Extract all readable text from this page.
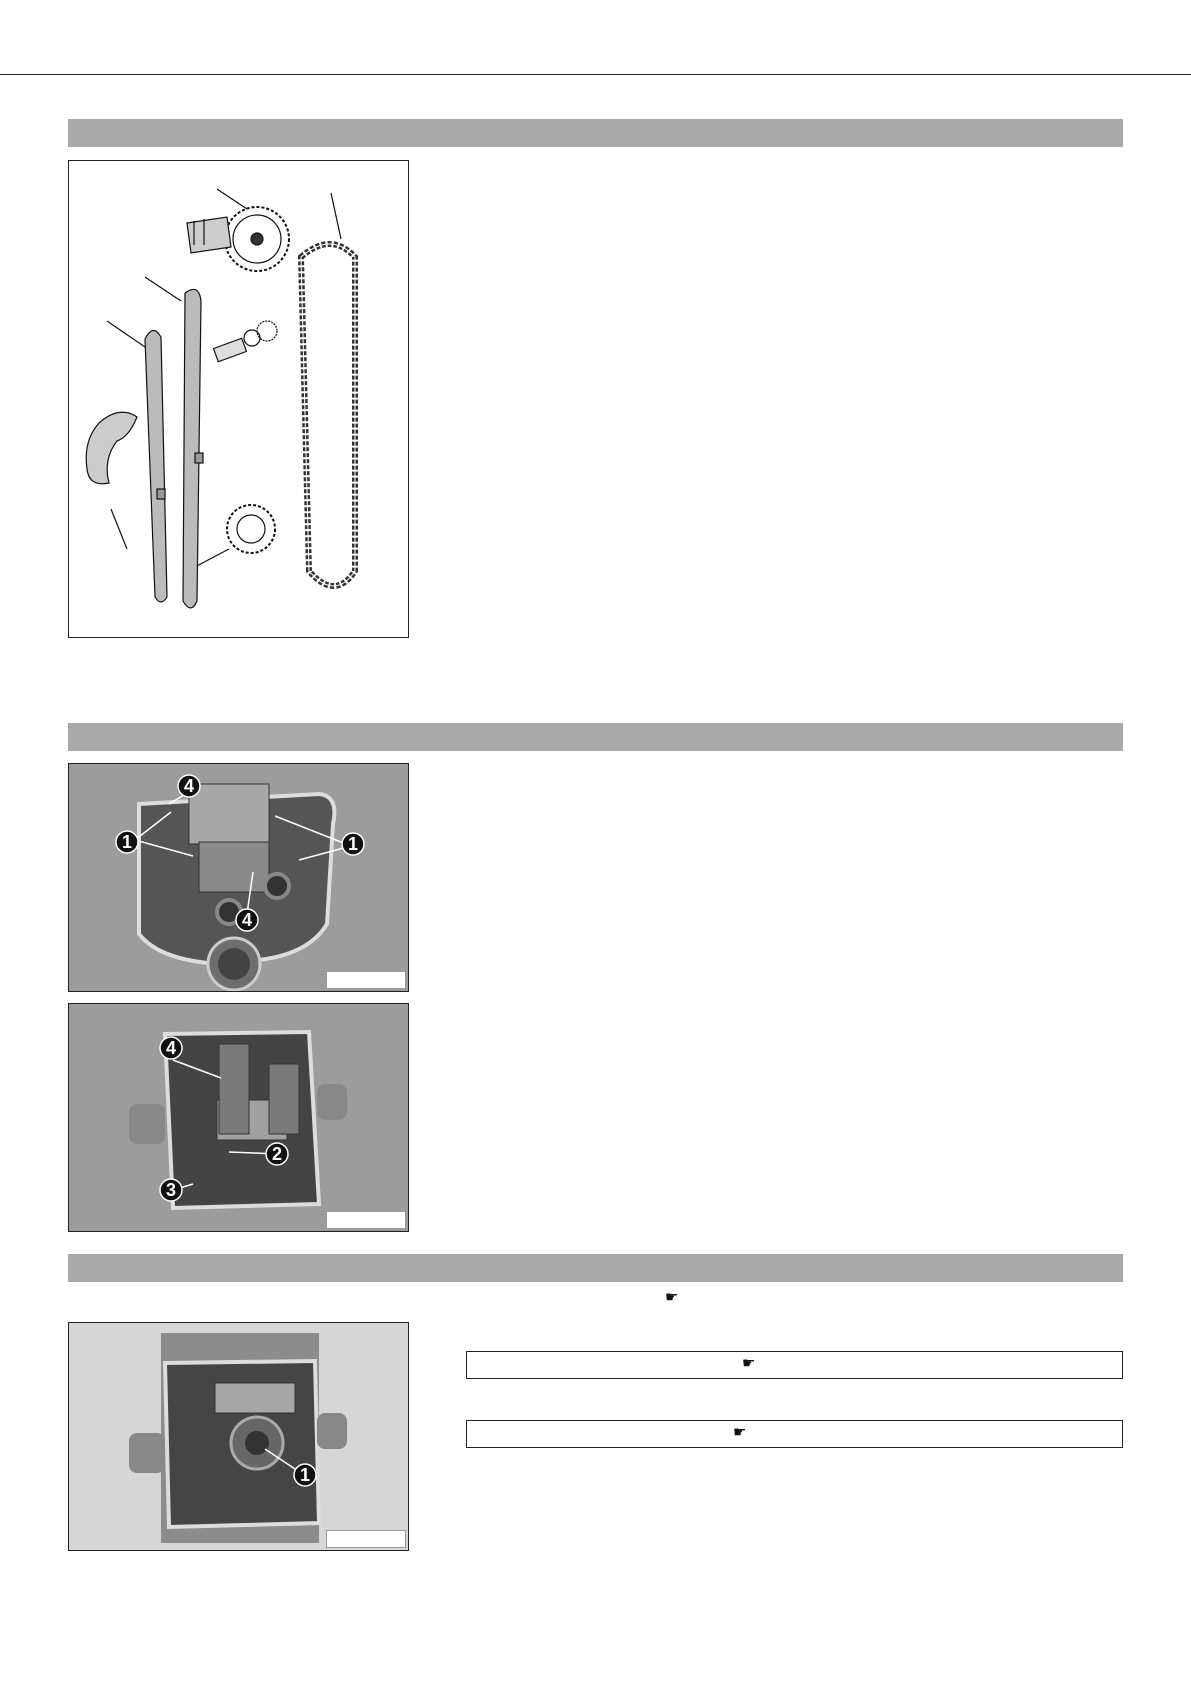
4
1	1
4
4
2
3
☛
1
☛
☛
